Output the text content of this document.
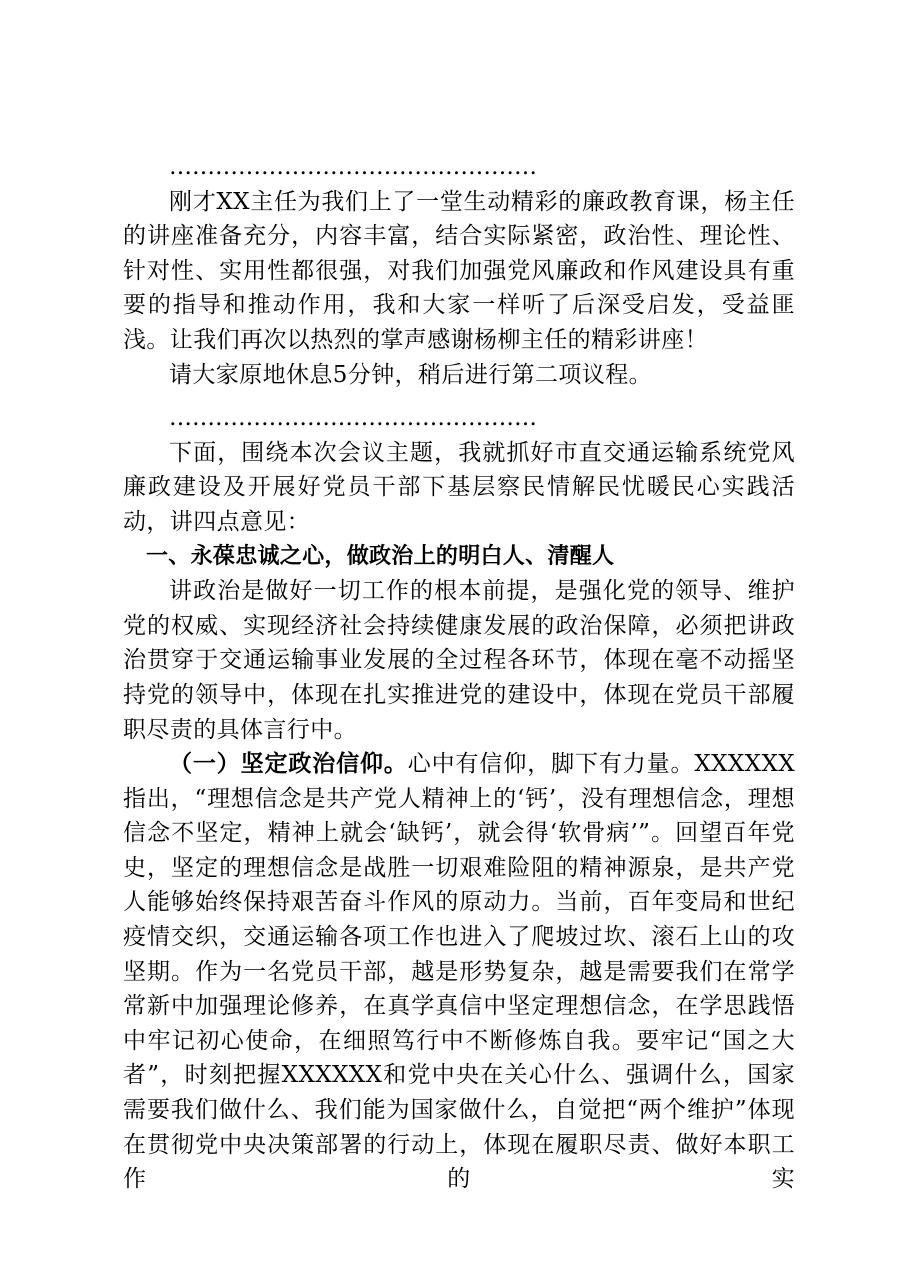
…………………………………………

刚才XX主任为我们上了一堂生动精彩的廉政教育课，杨主任的讲座准备充分，内容丰富，结合实际紧密，政治性、理论性、针对性、实用性都很强，对我们加强党风廉政和作风建设具有重要的指导和推动作用，我和大家一样听了后深受启发，受益匪浅。让我们再次以热烈的掌声感谢杨柳主任的精彩讲座！

请大家原地休息5分钟，稍后进行第二项议程。

…………………………………………

下面，围绕本次会议主题，我就抓好市直交通运输系统党风廉政建设及开展好党员干部下基层察民情解民忧暖民心实践活动，讲四点意见：

一、永葆忠诚之心，做政治上的明白人、清醒人

讲政治是做好一切工作的根本前提，是强化党的领导、维护党的权威、实现经济社会持续健康发展的政治保障，必须把讲政治贯穿于交通运输事业发展的全过程各环节，体现在毫不动摇坚持党的领导中，体现在扎实推进党的建设中，体现在党员干部履职尽责的具体言行中。

（一）坚定政治信仰。心中有信仰，脚下有力量。XXXXXX指出，“理想信念是共产党人精神上的‘钙’，没有理想信念，理想信念不坚定，精神上就会‘缺钙’，就会得‘软骨病’”。回望百年党史，坚定的理想信念是战胜一切艰难险阻的精神源泉，是共产党人能够始终保持艰苦奋斗作风的原动力。当前，百年变局和世纪疫情交织，交通运输各项工作也进入了爬坡过坎、滚石上山的攻坚期。作为一名党员干部，越是形势复杂，越是需要我们在常学常新中加强理论修养，在真学真信中坚定理想信念，在学思践悟中牢记初心使命，在细照笃行中不断修炼自我。要牢记“国之大者”，时刻把握XXXXXX和党中央在关心什么、强调什么，国家需要我们做什么、我们能为国家做什么，自觉把“两个维护”体现在贯彻党中央决策部署的行动上，体现在履职尽责、做好本职工作的实
